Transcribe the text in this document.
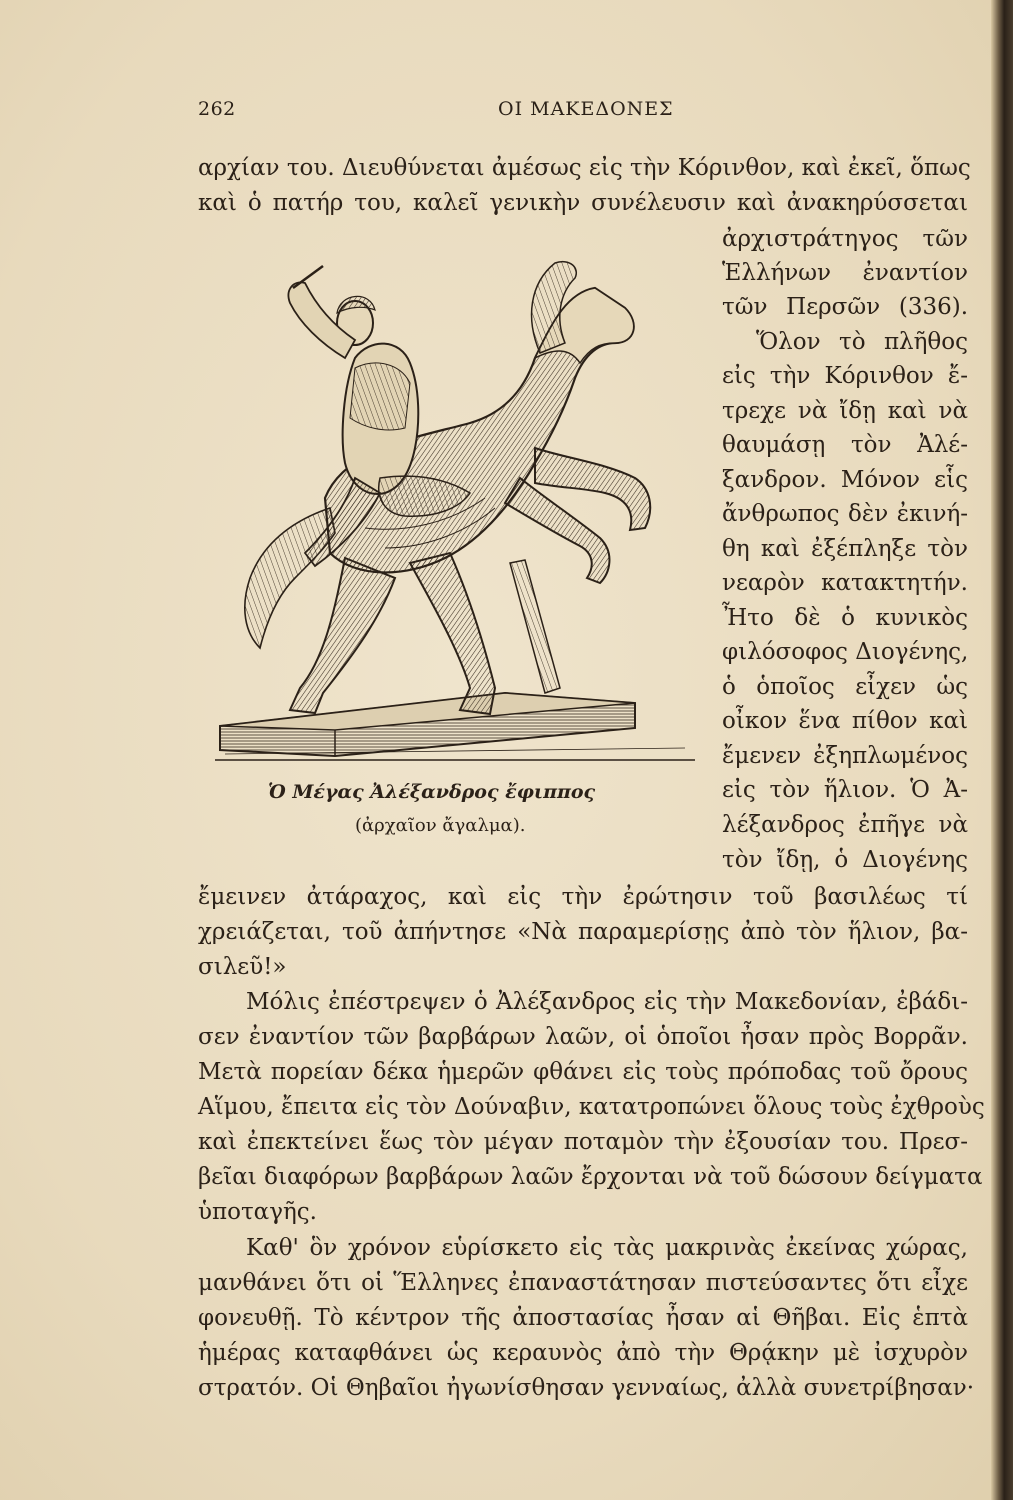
262	ΟΙ ΜΑΚΕΔΟΝΕΣ
αρχίαν του. Διευθύνεται ἀμέσως εἰς τὴν Κόρινθον, καὶ ἐκεῖ, ὅπως
καὶ ὁ πατήρ του, καλεῖ γενικὴν συνέλευσιν καὶ ἀνακηρύσσεται
ἀρχιστράτηγος τῶν
Ἑλλήνων ἐναντίον
τῶν Περσῶν (336).
Ὅλον τὸ πλῆθος
εἰς τὴν Κόρινθον ἔ-
τρεχε νὰ ἴδῃ καὶ νὰ
θαυμάσῃ τὸν Ἀλέ-
ξανδρον. Μόνον εἷς
ἄνθρωπος δὲν ἐκινή-
θη καὶ ἐξέπληξε τὸν
νεαρὸν κατακτητήν.
Ἦτο δὲ ὁ κυνικὸς
φιλόσοφος Διογένης,
ὁ ὁποῖος εἶχεν ὡς
οἶκον ἕνα πίθον καὶ
ἔμενεν ἐξηπλωμένος
εἰς τὸν ἥλιον. Ὁ Ἀ-
λέξανδρος ἐπῆγε νὰ
τὸν ἴδῃ, ὁ Διογένης
Ὁ Μέγας Ἀλέξανδρος ἔφιππος
(ἀρχαῖον ἄγαλμα).
ἔμεινεν ἀτάραχος, καὶ εἰς τὴν ἐρώτησιν τοῦ βασιλέως τί
χρειάζεται, τοῦ ἀπήντησε «Νὰ παραμερίσῃς ἀπὸ τὸν ἥλιον, βα-
σιλεῦ!»
Μόλις ἐπέστρεψεν ὁ Ἀλέξανδρος εἰς τὴν Μακεδονίαν, ἐβάδι-
σεν ἐναντίον τῶν βαρβάρων λαῶν, οἱ ὁποῖοι ἦσαν πρὸς Βορρᾶν.
Μετὰ πορείαν δέκα ἡμερῶν φθάνει εἰς τοὺς πρόποδας τοῦ ὄρους
Αἵμου, ἔπειτα εἰς τὸν Δούναβιν, κατατροπώνει ὅλους τοὺς ἐχθροὺς
καὶ ἐπεκτείνει ἕως τὸν μέγαν ποταμὸν τὴν ἐξουσίαν του. Πρεσ-
βεῖαι διαφόρων βαρβάρων λαῶν ἔρχονται νὰ τοῦ δώσουν δείγματα
ὑποταγῆς.
Καθ' ὃν χρόνον εὑρίσκετο εἰς τὰς μακρινὰς ἐκείνας χώρας,
μανθάνει ὅτι οἱ Ἕλληνες ἐπαναστάτησαν πιστεύσαντες ὅτι εἶχε
φονευθῇ. Τὸ κέντρον τῆς ἀποστασίας ἦσαν αἱ Θῆβαι. Εἰς ἑπτὰ
ἡμέρας καταφθάνει ὡς κεραυνὸς ἀπὸ τὴν Θρᾴκην μὲ ἰσχυρὸν
στρατόν. Οἱ Θηβαῖοι ἠγωνίσθησαν γενναίως, ἀλλὰ συνετρίβησαν·
